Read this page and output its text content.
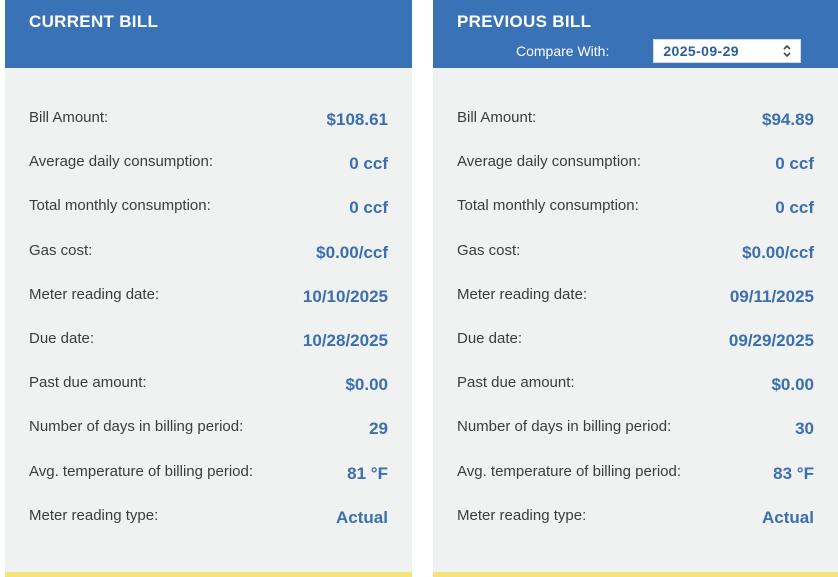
CURRENT BILL
Bill Amount:	$108.61
Average daily consumption:	0 ccf
Total monthly consumption:	0 ccf
Gas cost:	$0.00/ccf
Meter reading date:	10/10/2025
Due date:	10/28/2025
Past due amount:	$0.00
Number of days in billing period:	29
Avg. temperature of billing period:	81 °F
Meter reading type:	Actual
PREVIOUS BILL
Compare With:	2025-09-29
Bill Amount:	$94.89
Average daily consumption:	0 ccf
Total monthly consumption:	0 ccf
Gas cost:	$0.00/ccf
Meter reading date:	09/11/2025
Due date:	09/29/2025
Past due amount:	$0.00
Number of days in billing period:	30
Avg. temperature of billing period:	83 °F
Meter reading type:	Actual
